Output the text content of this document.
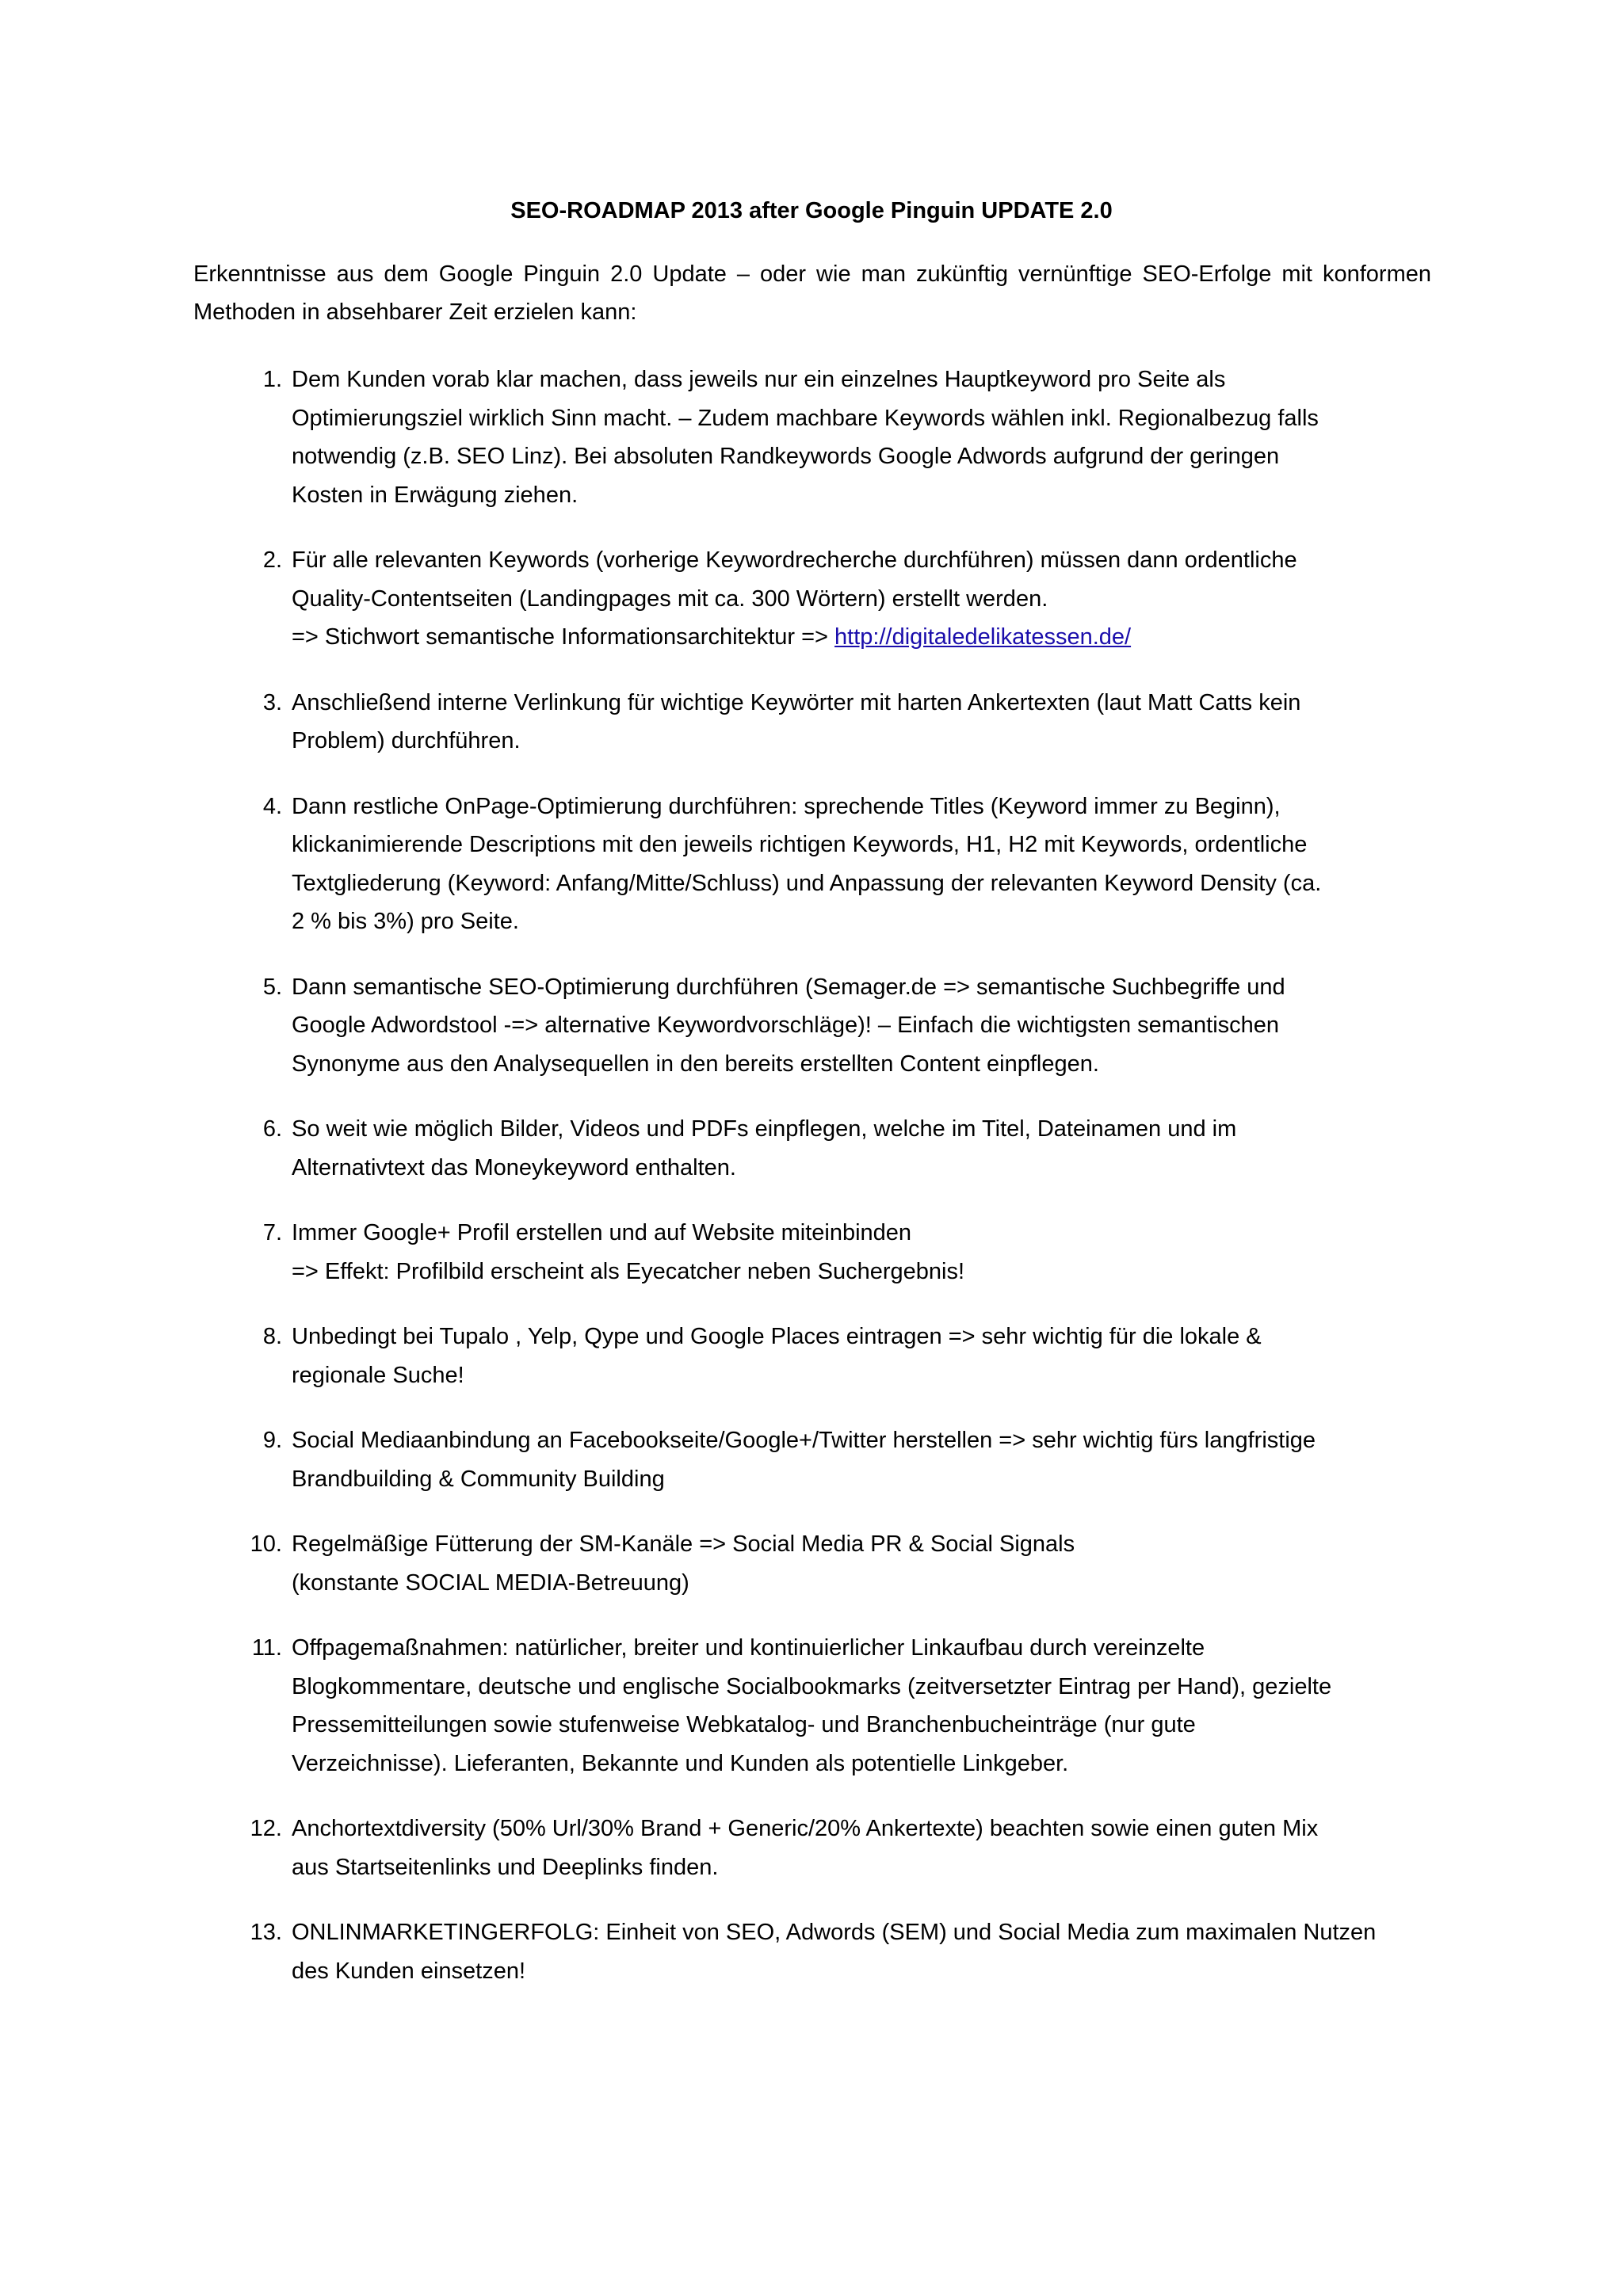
SEO-ROADMAP 2013 after Google Pinguin UPDATE 2.0
Erkenntnisse aus dem Google Pinguin 2.0 Update – oder wie man zukünftig vernünftige SEO-Erfolge mit konformen Methoden in absehbarer Zeit erzielen kann:
1. Dem Kunden vorab klar machen, dass jeweils nur ein einzelnes Hauptkeyword pro Seite als
Optimierungsziel wirklich Sinn macht. – Zudem machbare Keywords wählen inkl. Regionalbezug falls
notwendig (z.B. SEO Linz). Bei absoluten Randkeywords Google Adwords aufgrund der geringen
Kosten in Erwägung ziehen.
2. Für alle relevanten Keywords (vorherige Keywordrecherche durchführen) müssen dann ordentliche
Quality-Contentseiten (Landingpages mit ca. 300 Wörtern) erstellt werden.
=> Stichwort semantische Informationsarchitektur => http://digitaledelikatessen.de/
3. Anschließend interne Verlinkung für wichtige Keywörter mit harten Ankertexten (laut Matt Catts kein
Problem) durchführen.
4. Dann restliche OnPage-Optimierung durchführen: sprechende Titles (Keyword immer zu Beginn),
klickanimierende Descriptions mit den jeweils richtigen Keywords, H1, H2 mit Keywords, ordentliche
Textgliederung (Keyword: Anfang/Mitte/Schluss) und Anpassung der relevanten Keyword Density (ca.
2 % bis 3%) pro Seite.
5. Dann semantische SEO-Optimierung durchführen (Semager.de => semantische Suchbegriffe und
Google Adwordstool -=> alternative Keywordvorschläge)! – Einfach die wichtigsten semantischen
Synonyme aus den Analysequellen in den bereits erstellten Content einpflegen.
6. So weit wie möglich Bilder, Videos und PDFs einpflegen, welche im Titel, Dateinamen und im
Alternativtext das Moneykeyword enthalten.
7. Immer Google+ Profil erstellen und auf Website miteinbinden
=> Effekt: Profilbild erscheint als Eyecatcher neben Suchergebnis!
8. Unbedingt bei Tupalo , Yelp, Qype und Google Places eintragen => sehr wichtig für die lokale &
regionale Suche!
9. Social Mediaanbindung an Facebookseite/Google+/Twitter herstellen => sehr wichtig fürs langfristige
Brandbuilding & Community Building
10. Regelmäßige Fütterung der SM-Kanäle => Social Media PR & Social Signals
(konstante SOCIAL MEDIA-Betreuung)
11. Offpagemaßnahmen: natürlicher, breiter und kontinuierlicher Linkaufbau durch vereinzelte
Blogkommentare, deutsche und englische Socialbookmarks (zeitversetzter Eintrag per Hand), gezielte
Pressemitteilungen sowie stufenweise Webkatalog- und Branchenbucheinträge (nur gute
Verzeichnisse). Lieferanten, Bekannte und Kunden als potentielle Linkgeber.
12. Anchortextdiversity (50% Url/30% Brand + Generic/20% Ankertexte) beachten sowie einen guten Mix
aus Startseitenlinks und Deeplinks finden.
13. ONLINMARKETINGERFOLG: Einheit von SEO, Adwords (SEM) und Social Media zum maximalen Nutzen
des Kunden einsetzen!
